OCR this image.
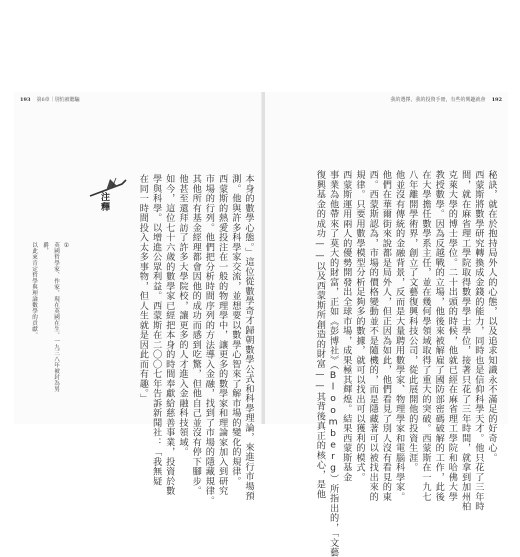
193 第6章｜別怕被聽騙
本身的數學心態。」這位從數學奇才歸朝數學公式和科學理論，來進行市場預
測。他與許多科學家交流，並想要以數學心智來了解市場的變化的規律。
西蒙斯的熱愛投注在一般的物理學中，讓更多的數學家和理論家加入到研究
市場的行列。他們把分析時間序列的方法導入金融，找到了市場的隱藏規律。
其他所有基金經理都會因他的成功而感到吃驚，但他自己並沒有停下腳步。
他甚至還拜訪了許多大學院校，讓更多的人才進入金融科技領域。
如今，這位七十六歲的數學家已經把本身的時間奉獻給慈善事業，投資於數
學與科學。以增進公眾利益。西蒙斯在二〇〇七年告訴新聞社：「我無疑
在同一時間投入太多事物，但人生就是因此而有趣。」
注釋
①
英國哲學家、作家，現在英國在生。一九三八年被封為男爵，
以此來肯定哲學與理論數學的貢獻。
我的選擇，我的投資手冊，有些的興趣就會 192
秘訣，就在於抱持局外人的心態，以及追求知識永不滿足的好奇心。
西蒙斯將數學研究轉換成金錢的能力，同時也是信仰科學天才。他只花了三年時
間，就在麻省理工學院取得數學學士學位，接著只花了三年時間，就拿到加州柏
克萊大學的博士學位。二十出頭的時候，他就已經在麻省理工學院和哈佛大學
教授數學。因為反越戰的立場，他後來被解雇了國防部密碼破解的工作，此後
在大學擔任數學系主任，並在幾何學領域取得了重大的突破。西蒙斯在一九七
八年離開學術界，創立了文藝復興科技公司，從此展開他的投資生涯。
他並沒有傳統的金融背景，反而是大量聘用數學家、物理學家和電腦科學家。
他們在華爾街來說都是局外人，但正因為如此，他們看見了別人沒有看見的東
西。西蒙斯認為，市場的價格變動並不是隨機的，而是隱藏著可以被找出來的
規律。只要用數學模型分析足夠多的數據，就可以找出可以獲利的模式。
西蒙斯運用兩人的優勢開發出全球市場，成果極其輝煌。結果西蒙斯基金
事業為他帶來了莫大的財富，正如《彭博社》（Bloomberg）所指出的，「文藝
復興基金的成功——以及西蒙斯所創造的財富——其背後真正的核心，是他
